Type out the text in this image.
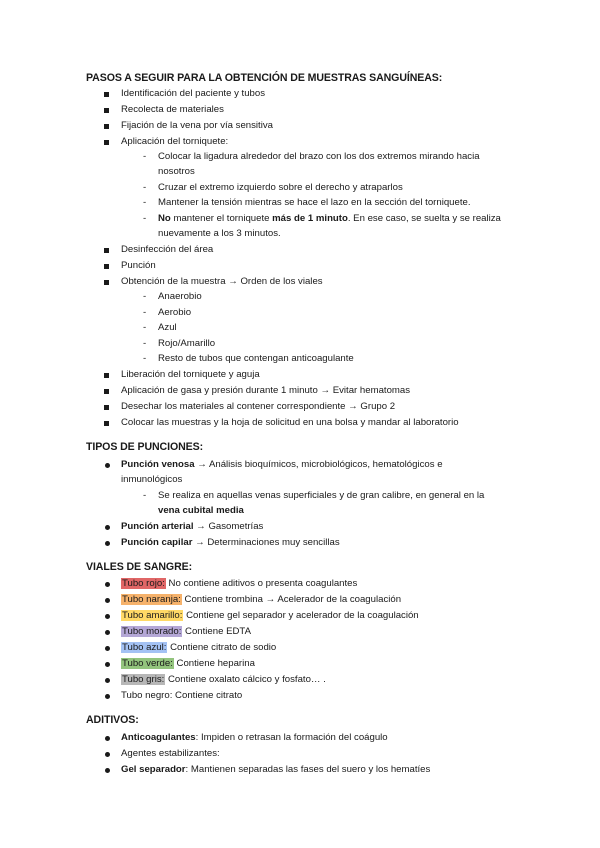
PASOS A SEGUIR PARA LA OBTENCIÓN DE MUESTRAS SANGUÍNEAS:
Identificación del paciente y tubos
Recolecta de materiales
Fijación de la vena por vía sensitiva
Aplicación del torniquete:
- Colocar la ligadura alrededor del brazo con los dos extremos mirando hacia
nosotros
- Cruzar el extremo izquierdo sobre el derecho y atraparlos
- Mantener la tensión mientras se hace el lazo en la sección del torniquete.
- No mantener el torniquete más de 1 minuto. En ese caso, se suelta y se realiza
nuevamente a los 3 minutos.
Desinfección del área
Punción
Obtención de la muestra → Orden de los viales
- Anaerobio
- Aerobio
- Azul
- Rojo/Amarillo
- Resto de tubos que contengan anticoagulante
Liberación del torniquete y aguja
Aplicación de gasa y presión durante 1 minuto → Evitar hematomas
Desechar los materiales al contener correspondiente → Grupo 2
Colocar las muestras y la hoja de solicitud en una bolsa y mandar al laboratorio
TIPOS DE PUNCIONES:
Punción venosa → Análisis bioquímicos, microbiológicos, hematológicos e
inmunológicos
- Se realiza en aquellas venas superficiales y de gran calibre, en general en la
vena cubital media
Punción arterial → Gasometrías
Punción capilar → Determinaciones muy sencillas
VIALES DE SANGRE:
Tubo rojo: No contiene aditivos o presenta coagulantes
Tubo naranja: Contiene trombina → Acelerador de la coagulación
Tubo amarillo: Contiene gel separador y acelerador de la coagulación
Tubo morado: Contiene EDTA
Tubo azul: Contiene citrato de sodio
Tubo verde: Contiene heparina
Tubo gris: Contiene oxalato cálcico y fosfato… .
Tubo negro: Contiene citrato
ADITIVOS:
Anticoagulantes: Impiden o retrasan la formación del coágulo
Agentes estabilizantes:
Gel separador: Mantienen separadas las fases del suero y los hematíes
